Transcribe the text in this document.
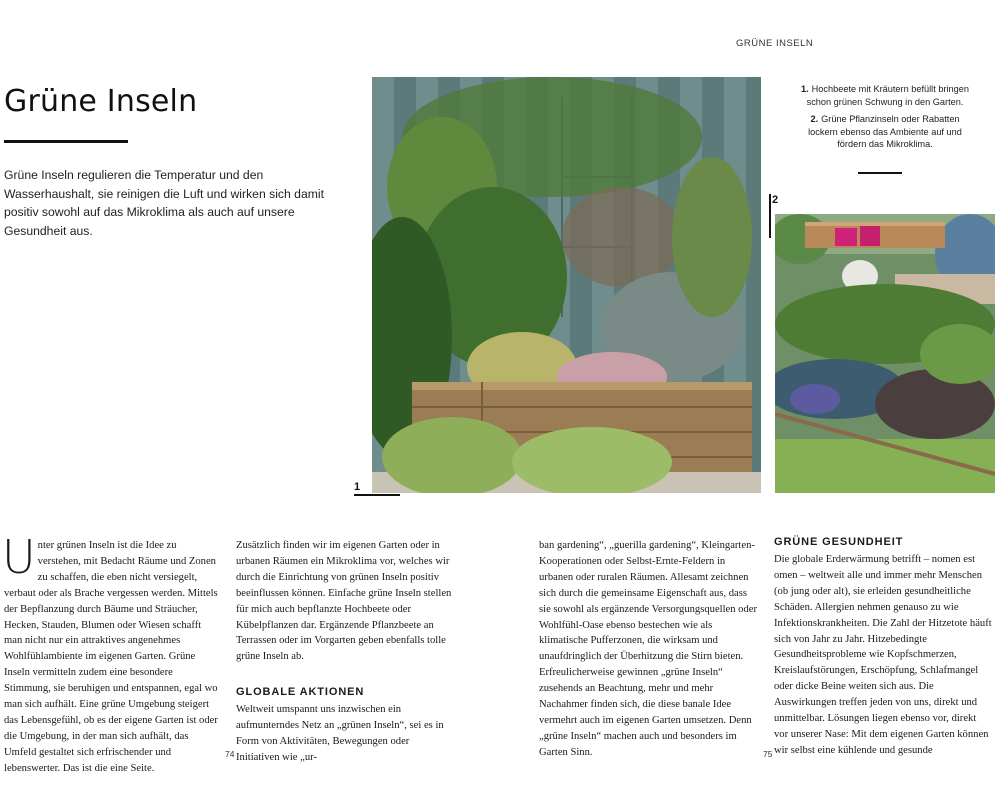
GRÜNE INSELN
Grüne Inseln

Grüne Inseln regulieren die Temperatur und den Wasserhaushalt, sie reinigen die Luft und wirken sich damit positiv sowohl auf das Mikroklima als auch auf unsere Gesundheit aus.

1
2

1. Hochbeete mit Kräutern befüllt bringen schon grünen Schwung in den Garten.

2. Grüne Pflanzinseln oder Rabatten lockern ebenso das Ambiente auf und fördern das Mikroklima.

Unter grünen Inseln ist die Idee zu verstehen, mit Bedacht Räume und Zonen zu schaffen, die eben nicht versiegelt, verbaut oder als Brache vergessen werden. Mittels der Bepflanzung durch Bäume und Sträucher, Hecken, Stauden, Blumen oder Wiesen schafft man nicht nur ein attraktives angenehmes Wohlfühlambiente im eigenen Garten. Grüne Inseln vermitteln zudem eine besondere Stimmung, sie beruhigen und entspannen, egal wo man sich aufhält. Eine grüne Umgebung steigert das Lebensgefühl, ob es der eigene Garten ist oder die Umgebung, in der man sich aufhält, das Umfeld gestaltet sich erfrischender und lebenswerter. Das ist die eine Seite.

Zusätzlich finden wir im eigenen Garten oder in urbanen Räumen ein Mikroklima vor, welches wir durch die Einrichtung von grünen Inseln positiv beeinflussen können. Einfache grüne Inseln stellen für mich auch bepflanzte Hochbeete oder Kübelpflanzen dar. Ergänzende Pflanzbeete an Terrassen oder im Vorgarten geben ebenfalls tolle grüne Inseln ab.

GLOBALE AKTIONEN

Weltweit umspannt uns inzwischen ein aufmunterndes Netz an „grünen Inseln“, sei es in Form von Aktivitäten, Bewegungen oder Initiativen wie „ur-

ban gardening“, „guerilla gardening“, Kleingarten-Kooperationen oder Selbst-Ernte-Feldern in urbanen oder ruralen Räumen. Allesamt zeichnen sich durch die gemeinsame Eigenschaft aus, dass sie sowohl als ergänzende Versorgungsquellen oder Wohlfühl-Oase ebenso bestechen wie als klimatische Pufferzonen, die wirksam und unaufdringlich der Überhitzung die Stirn bieten. Erfreulicherweise gewinnen „grüne Inseln“ zusehends an Beachtung, mehr und mehr Nachahmer finden sich, die diese banale Idee vermehrt auch im eigenen Garten umsetzen. Denn „grüne Inseln“ machen auch und besonders im Garten Sinn.

GRÜNE GESUNDHEIT

Die globale Erderwärmung betrifft – nomen est omen – weltweit alle und immer mehr Menschen (ob jung oder alt), sie erleiden gesundheitliche Schäden. Allergien nehmen genauso zu wie Infektionskrankheiten. Die Zahl der Hitzetote häuft sich von Jahr zu Jahr. Hitzebedingte Gesundheitsprobleme wie Kopfschmerzen, Kreislaufstörungen, Erschöpfung, Schlafmangel oder dicke Beine weiten sich aus. Die Auswirkungen treffen jeden von uns, direkt und unmittelbar. Lösungen liegen ebenso vor, direkt vor unserer Nase: Mit dem eigenen Garten können wir selbst eine kühlende und gesunde

74	75
